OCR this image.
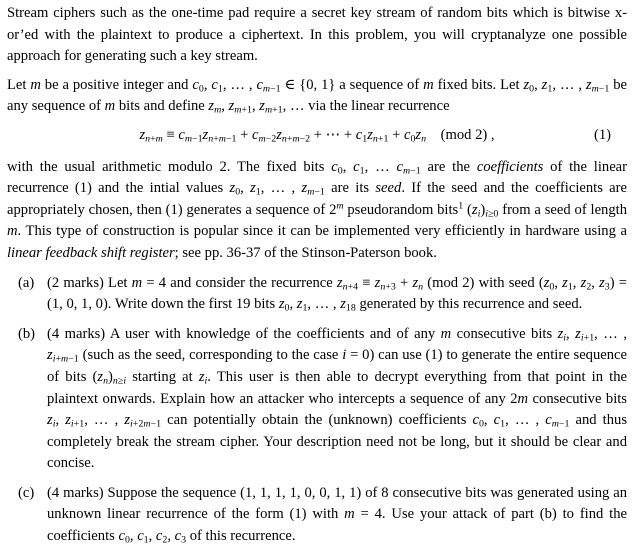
Stream ciphers such as the one-time pad require a secret key stream of random bits which is bitwise x-or’ed with the plaintext to produce a ciphertext. In this problem, you will cryptanalyze one possible approach for generating such a key stream.

Let m be a positive integer and $c_0$, $c_1$, … , $c_{m-1}$ ∈ {0, 1} a sequence of m fixed bits. Let $z_0$, $z_1$, … , $z_{m-1}$ be any sequence of m bits and define $z_m$, $z_{m+1}$, $z_{m+1}$, … via the linear recurrence

$z_{n+m} \equiv c_{m-1}z_{n+m-1} + c_{m-2}z_{n+m-2}$ + ⋯ + $c_1z_{n+1} + c_0z_n$ (mod 2) ,	(1)

with the usual arithmetic modulo 2. The fixed bits $c_0$, $c_1$, … $c_{m-1}$ are the coefficients of the linear recurrence (1) and the intial values $z_0$, $z_1$, … , $z_{m-1}$ are its seed. If the seed and the coefficients are appropriately chosen, then (1) generates a sequence of 2$^m$ pseudorandom bits$^1$ $(z_i)_{i\ge 0}$ from a seed of length m. This type of construction is popular since it can be implemented very efficiently in hardware using a linear feedback shift register; see pp. 36-37 of the Stinson-Paterson book.

(a) (2 marks) Let m = 4 and consider the recurrence $z_{n+4} \equiv z_{n+3} + z_n$ (mod 2) with seed ($z_0$, $z_1$, $z_2$, $z_3) = (1$, 0, 1, 0). Write down the first 19 bits $z_0$, $z_1$, … , $z_{18}$ generated by this recurrence and seed.
(b) (4 marks) A user with knowledge of the coefficients and of any m consecutive bits $z_i$, $z_{i+1}$, … , $z_{i+m-1}$ (such as the seed, corresponding to the case i = 0) can use (1) to generate the entire sequence of bits $(z_n)_{n\ge i}$ starting at $z_i$. This user is then able to decrypt everything from that point in the plaintext onwards. Explain how an attacker who intercepts a sequence of any 2m consecutive bits $z_i$, $z_{i+1}$, … , $z_{i+2m-1}$ can potentially obtain the (unknown) coefficients $c_0$, $c_1$, … , $c_{m-1}$ and thus completely break the stream cipher. Your description need not be long, but it should be clear and concise.
(c) (4 marks) Suppose the sequence (1, 1, 1, 1, 0, 0, 1, 1) of 8 consecutive bits was generated using an unknown linear recurrence of the form (1) with m = 4. Use your attack of part (b) to find the coefficients $c_0$, $c_1$, $c_2$, $c_3$ of this recurrence.
